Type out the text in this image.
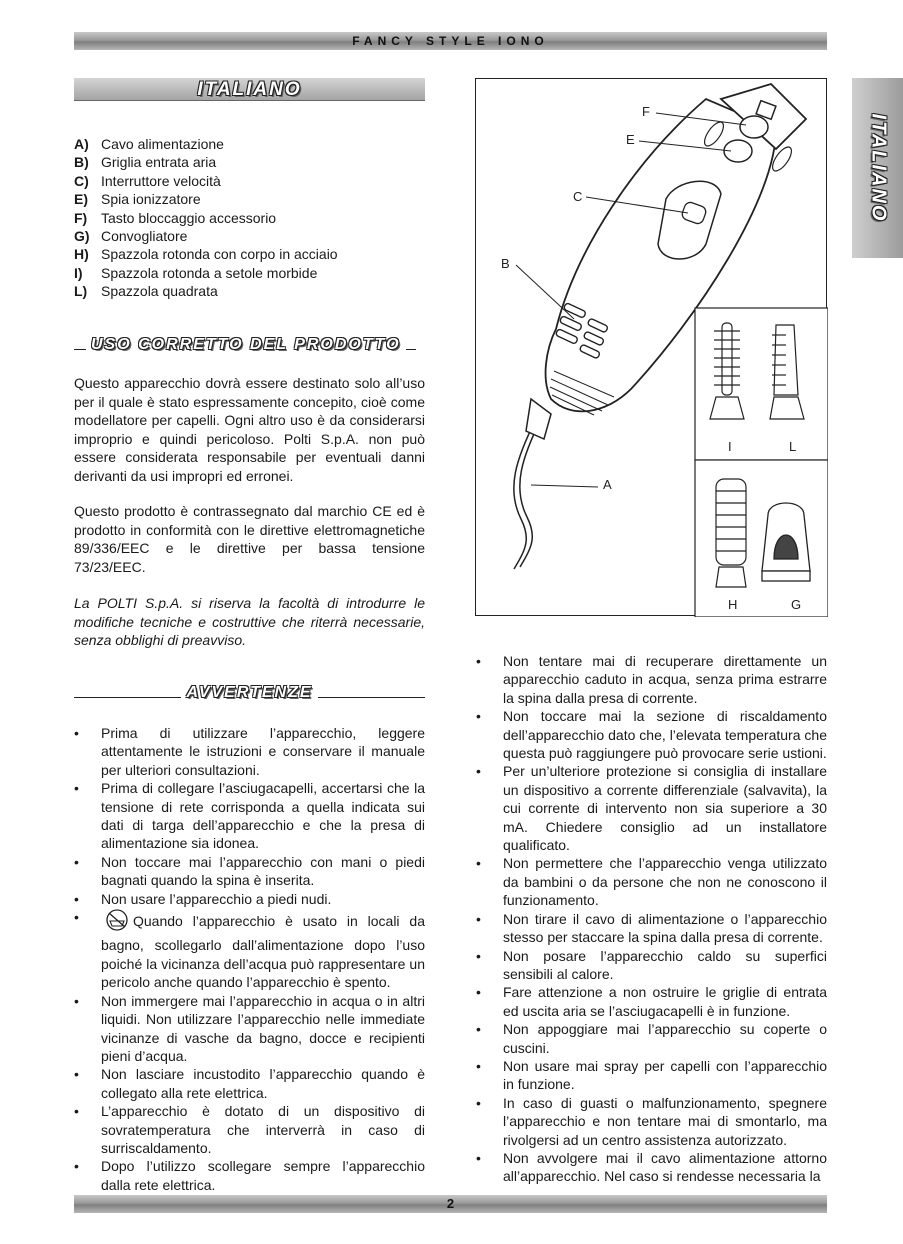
FANCY STYLE IONO
ITALIANO
ITALIANO
A) Cavo alimentazione
B) Griglia entrata aria
C) Interruttore velocità
E) Spia ionizzatore
F) Tasto bloccaggio accessorio
G) Convogliatore
H) Spazzola rotonda con corpo in acciaio
I)	Spazzola rotonda a setole morbide
L) Spazzola quadrata
USO CORRETTO DEL PRODOTTO
Questo apparecchio dovrà essere destinato solo all’uso per il quale è stato espressamente concepito, cioè come modellatore per capelli. Ogni altro uso è da considerarsi improprio e quindi pericoloso. Polti S.p.A. non può essere considerata responsabile per eventuali danni derivanti da usi impropri ed erronei.
Questo prodotto è contrassegnato dal marchio CE ed è prodotto in conformità con le direttive elettromagnetiche 89/336/EEC e le direttive per bassa tensione 73/23/EEC.
La POLTI S.p.A. si riserva la facoltà di introdurre le modifiche tecniche e costruttive che riterrà necessarie, senza obblighi di preavviso.
AVVERTENZE
• Prima di utilizzare l’apparecchio, leggere attentamente le istruzioni e conservare il manuale per ulteriori consultazioni.
• Prima di collegare l’asciugacapelli, accertarsi che la tensione di rete corrisponda a quella indicata sui dati di targa dell’apparecchio e che la presa di alimentazione sia idonea.
• Non toccare mai l’apparecchio con mani o piedi bagnati quando la spina è inserita.
• Non usare l’apparecchio a piedi nudi.
• Quando l’apparecchio è usato in locali da bagno, scollegarlo dall’alimentazione dopo l’uso poiché la vicinanza dell’acqua può rappresentare un pericolo anche quando l’apparecchio è spento.
• Non immergere mai l’apparecchio in acqua o in altri liquidi. Non utilizzare l’apparecchio nelle immediate vicinanze di vasche da bagno, docce e recipienti pieni d’acqua.
• Non lasciare incustodito l’apparecchio quando è collegato alla rete elettrica.
• L’apparecchio è dotato di un dispositivo di sovratemperatura che interverrà in caso di surriscaldamento.
• Dopo l’utilizzo scollegare sempre l’apparecchio dalla rete elettrica.
• Non tentare mai di recuperare direttamente un apparecchio caduto in acqua, senza prima estrarre la spina dalla presa di corrente.
• Non toccare mai la sezione di riscaldamento dell’apparecchio dato che, l’elevata temperatura che questa può raggiungere può provocare serie ustioni.
• Per un’ulteriore protezione si consiglia di installare un dispositivo a corrente differenziale (salvavita), la cui corrente di intervento non sia superiore a 30 mA. Chiedere consiglio ad un installatore qualificato.
• Non permettere che l’apparecchio venga utilizzato da bambini o da persone che non ne conoscono il funzionamento.
• Non tirare il cavo di alimentazione o l’apparecchio stesso per staccare la spina dalla presa di corrente.
• Non posare l’apparecchio caldo su superfici sensibili al calore.
• Fare attenzione a non ostruire le griglie di entrata ed uscita aria se l’asciugacapelli è in funzione.
• Non appoggiare mai l’apparecchio su coperte o cuscini.
• Non usare mai spray per capelli con l’apparecchio in funzione.
• In caso di guasti o malfunzionamento, spegnere l’apparecchio e non tentare mai di smontarlo, ma rivolgersi ad un centro assistenza autorizzato.
• Non avvolgere mai il cavo alimentazione attorno all’apparecchio. Nel caso si rendesse necessaria la
F
E
C
B
A
I	L
H	G
2
